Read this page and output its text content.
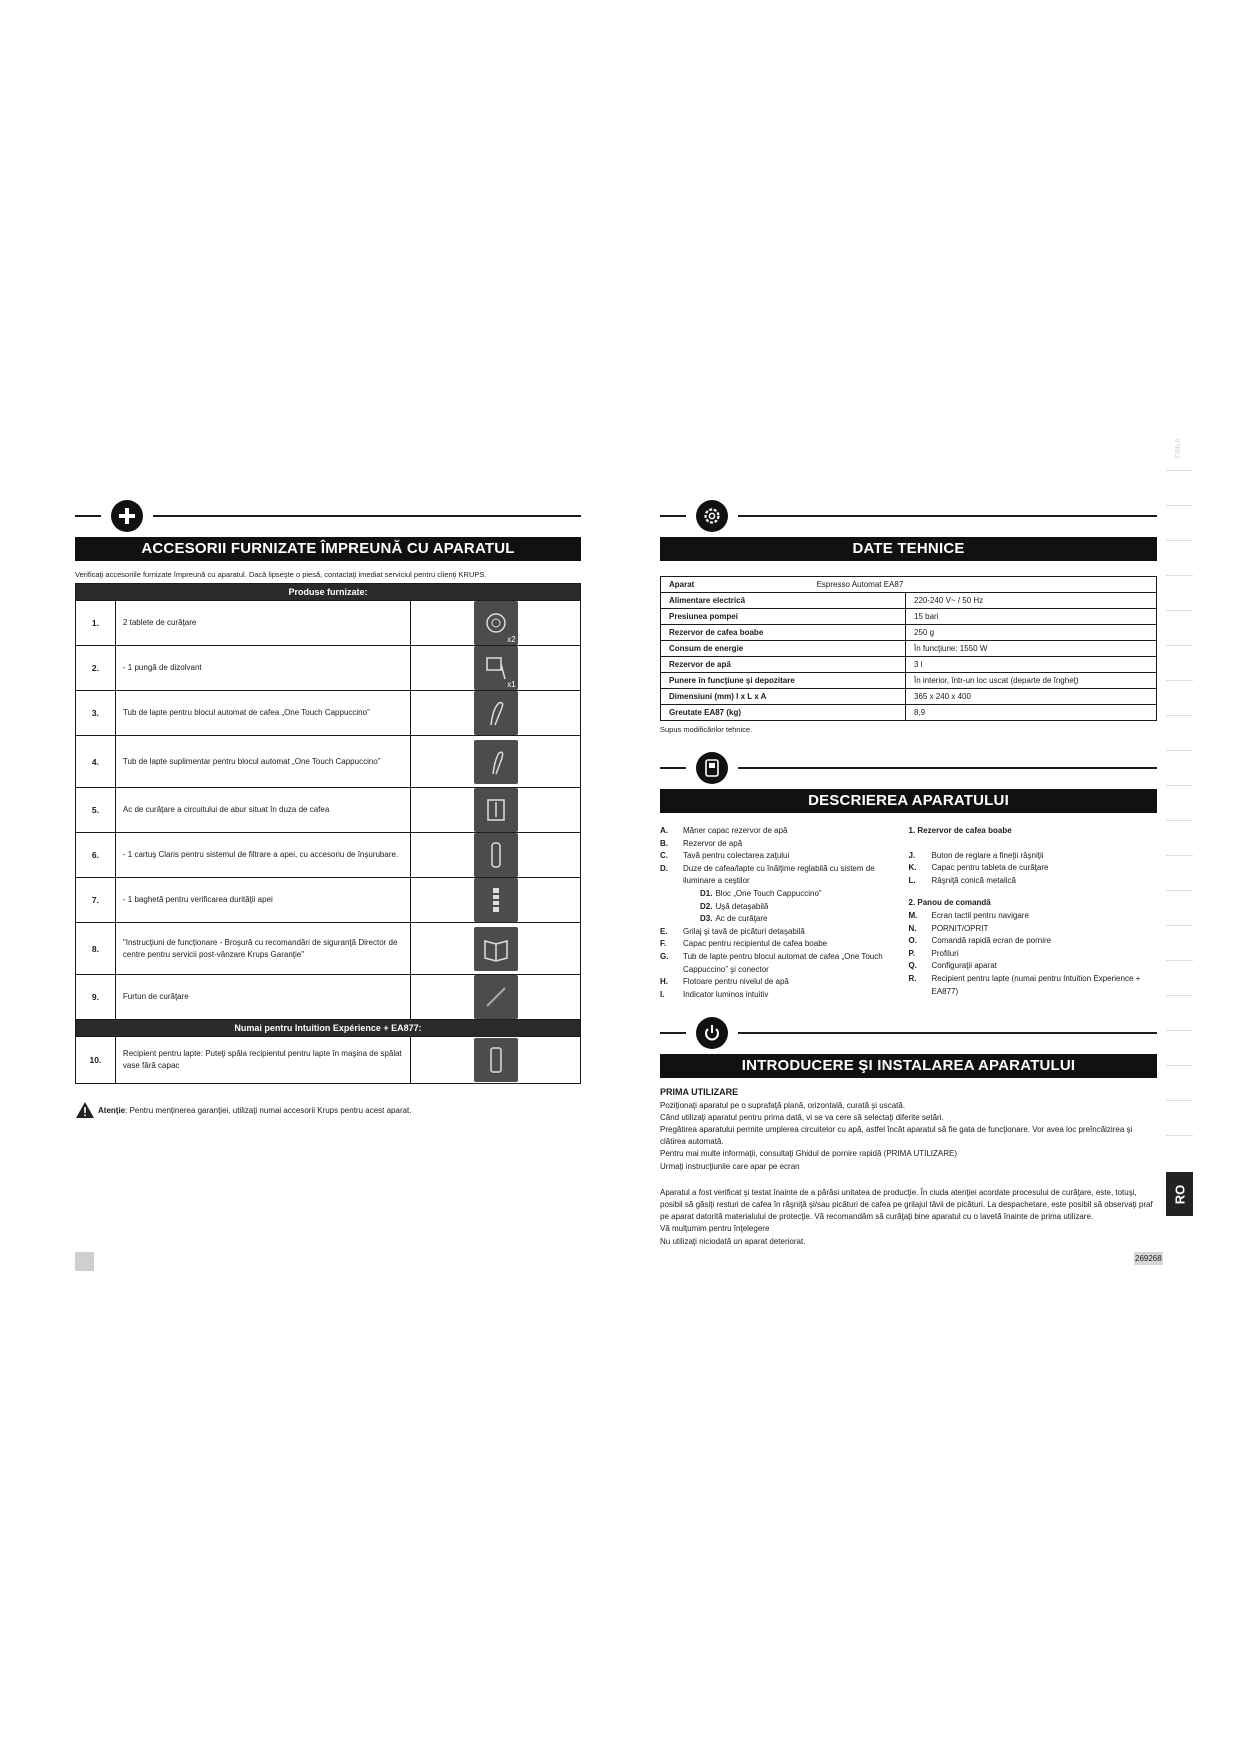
ACCESORII FURNIZATE ÎMPREUNĂ CU APARATUL
Verificaţi accesoriile furnizate împreună cu aparatul. Dacă lipseşte o piesă, contactaţi imediat serviciul pentru clienţi KRUPS.
Produse furnizate:		
1.	2 tablete de curăţare	x2

2.	- 1 pungă de dizolvant	x1

3.	Tub de lapte pentru blocul automat de cafea „One Touch Cappuccino”	

4.	Tub de lapte suplimentar pentru blocul automat „One Touch Cappuccino”	

5.	Ac de curăţare a circuitului de abur situat în duza de cafea	

6.	- 1 cartuş Claris pentru sistemul de filtrare a apei, cu accesoriu de înşurubare.	

7.	- 1 baghetă pentru verificarea durităţii apei	

8.	"Instrucţiuni de funcţionare - Broşură cu recomandări de siguranţă Director de centre pentru servicii post-vânzare Krups Garanţie"	

9.	Furtun de curăţare	

Numai pentru Intuition Expérience + EA877:		
10.	Recipient pentru lapte: Puteţi spăla recipientul pentru lapte în maşina de spălat vase fără capac	
Atenţie : Pentru menţinerea garanţiei, utilizaţi numai accesorii Krups pentru acest aparat.
DATE TEHNICE
Aparat Espresso Automat EA87	
Alimentare electrică	220-240 V~ / 50 Hz
Presiunea pompei	15 bari
Rezervor de cafea boabe	250 g
Consum de energie	În funcţiune: 1550 W
Rezervor de apă	3 l
Punere în funcţiune şi depozitare	În interior, într-un loc uscat (departe de îngheţ)
Dimensiuni (mm) l x L x A	365 x 240 x 400
Greutate EA87 (kg)	8,9
Supus modificărilor tehnice.
DESCRIEREA APARATULUI
A.	Mâner capac rezervor de apă
B.	Rezervor de apă
C.	Tavă pentru colectarea zaţului
D.	Duze de cafea/lapte cu înălţime reglabilă cu sistem de iluminare a ceştilor
D1. Bloc „One Touch Cappuccino”
D2. Uşă detaşabilă
D3. Ac de curăţare
E.	Grilaj şi tavă de picături detaşabilă
F.	Capac pentru recipientul de cafea boabe
G.	Tub de lapte pentru blocul automat de cafea „One Touch Cappuccino” şi conector
H.	Flotoare pentru nivelul de apă
I.	Indicator luminos intuitiv
1. Rezervor de cafea boabe
J.	Buton de reglare a fineţii râşniţii
K.	Capac pentru tableta de curăţare
L.	Râşniţă conică metalică
2. Panou de comandă
M.	Ecran tactil pentru navigare
N.	PORNIT/OPRIT
O.	Comandă rapidă ecran de pornire
P.	Profiluri
Q.	Configuraţii aparat
R.	Recipient pentru lapte (numai pentru Intuition Experience + EA877)
INTRODUCERE ŞI INSTALAREA APARATULUI
PRIMA UTILIZARE

Poziţionaţi aparatul pe o suprafaţă plană, orizontală, curată şi uscată.

Când utilizaţi aparatul pentru prima dată, vi se va cere să selectaţi diferite setări.

Pregătirea aparatului permite umplerea circuitelor cu apă, astfel încât aparatul să fie gata de funcţionare. Vor avea loc preîncălzirea şi clătirea automată.

Pentru mai multe informaţii, consultaţi Ghidul de pornire rapidă (PRIMA UTILIZARE)

Urmaţi instrucţiunile care apar pe ecran

Aparatul a fost verificat şi testat înainte de a părăsi unitatea de producţie. În ciuda atenţiei acordate procesului de curăţare, este, totuşi, posibil să găsiţi resturi de cafea în râşniţă şi/sau picături de cafea pe grilajul tăvii de picături. La despachetare, este posibil să observaţi praf pe aparat datorită materialului de protecţie. Vă recomandăm să curăţaţi bine aparatul cu o lavetă înainte de prima utilizare.

Vă mulţumim pentru înţelegere

Nu utilizaţi niciodată un aparat deteriorat.

FINLA
RO
269268
